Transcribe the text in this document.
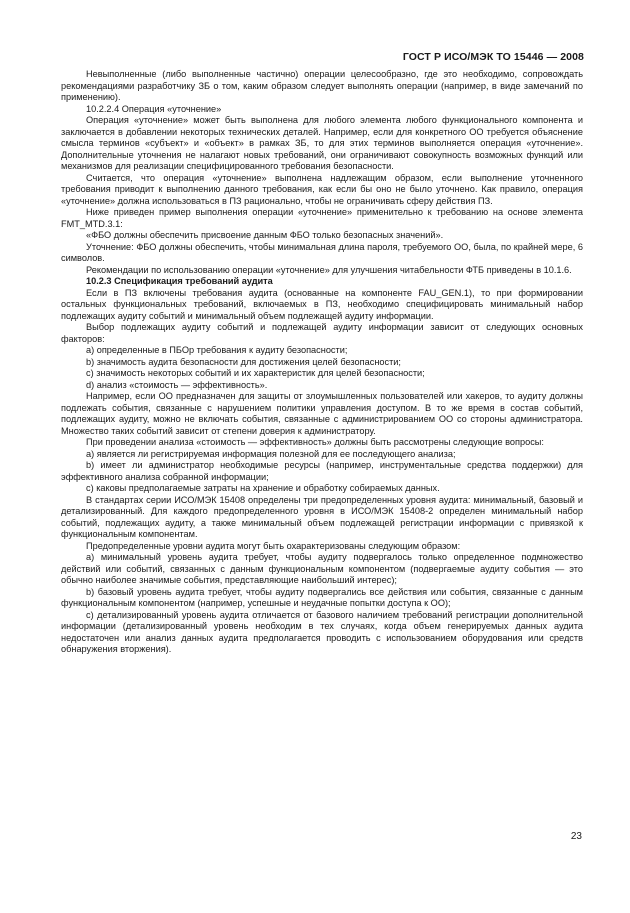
ГОСТ Р ИСО/МЭК ТО 15446 — 2008

Невыполненные (либо выполненные частично) операции целесообразно, где это необходимо, сопровождать рекомендациями разработчику ЗБ о том, каким образом следует выполнять операции (например, в виде замечаний по применению).

10.2.2.4 Операция «уточнение»

Операция «уточнение» может быть выполнена для любого элемента любого функционального компонента и заключается в добавлении некоторых технических деталей. Например, если для конкретного ОО требуется объяснение смысла терминов «субъект» и «объект» в рамках ЗБ, то для этих терминов выполняется операция «уточнение». Дополнительные уточнения не налагают новых требований, они ограничивают совокупность возможных функций или механизмов для реализации специфицированного требования безопасности.

Считается, что операция «уточнение» выполнена надлежащим образом, если выполнение уточненного требования приводит к выполнению данного требования, как если бы оно не было уточнено. Как правило, операция «уточнение» должна использоваться в ПЗ рационально, чтобы не ограничивать сферу действия ПЗ.

Ниже приведен пример выполнения операции «уточнение» применительно к требованию на основе элемента FMT_MTD.3.1:

«ФБО должны обеспечить присвоение данным ФБО только безопасных значений».

Уточнение: ФБО должны обеспечить, чтобы минимальная длина пароля, требуемого ОО, была, по крайней мере, 6 символов.

Рекомендации по использованию операции «уточнение» для улучшения читабельности ФТБ приведены в 10.1.6.

10.2.3 Спецификация требований аудита

Если в ПЗ включены требования аудита (основанные на компоненте FAU_GEN.1), то при формировании остальных функциональных требований, включаемых в ПЗ, необходимо специфицировать минимальный набор подлежащих аудиту событий и минимальный объем подлежащей аудиту информации.

Выбор подлежащих аудиту событий и подлежащей аудиту информации зависит от следующих основных факторов:

a) определенные в ПБОр требования к аудиту безопасности;

b) значимость аудита безопасности для достижения целей безопасности;

c) значимость некоторых событий и их характеристик для целей безопасности;

d) анализ «стоимость — эффективность».

Например, если ОО предназначен для защиты от злоумышленных пользователей или хакеров, то аудиту должны подлежать события, связанные с нарушением политики управления доступом. В то же время в состав событий, подлежащих аудиту, можно не включать события, связанные с администрированием ОО со стороны администратора. Множество таких событий зависит от степени доверия к администратору.

При проведении анализа «стоимость — эффективность» должны быть рассмотрены следующие вопросы:

a) является ли регистрируемая информация полезной для ее последующего анализа;

b) имеет ли администратор необходимые ресурсы (например, инструментальные средства поддержки) для эффективного анализа собранной информации;

c) каковы предполагаемые затраты на хранение и обработку собираемых данных.

В стандартах серии ИСО/МЭК 15408 определены три предопределенных уровня аудита: минимальный, базовый и детализированный. Для каждого предопределенного уровня в ИСО/МЭК 15408-2 определен минимальный набор событий, подлежащих аудиту, а также минимальный объем подлежащей регистрации информации с привязкой к функциональным компонентам.

Предопределенные уровни аудита могут быть охарактеризованы следующим образом:

a) минимальный уровень аудита требует, чтобы аудиту подвергалось только определенное подмножество действий или событий, связанных с данным функциональным компонентом (подвергаемые аудиту события — это обычно наиболее значимые события, представляющие наибольший интерес);

b) базовый уровень аудита требует, чтобы аудиту подвергались все действия или события, связанные с данным функциональным компонентом (например, успешные и неудачные попытки доступа к ОО);

c) детализированный уровень аудита отличается от базового наличием требований регистрации дополнительной информации (детализированный уровень необходим в тех случаях, когда объем генерируемых данных аудита недостаточен или анализ данных аудита предполагается проводить с использованием оборудования или средств обнаружения вторжения).

23
